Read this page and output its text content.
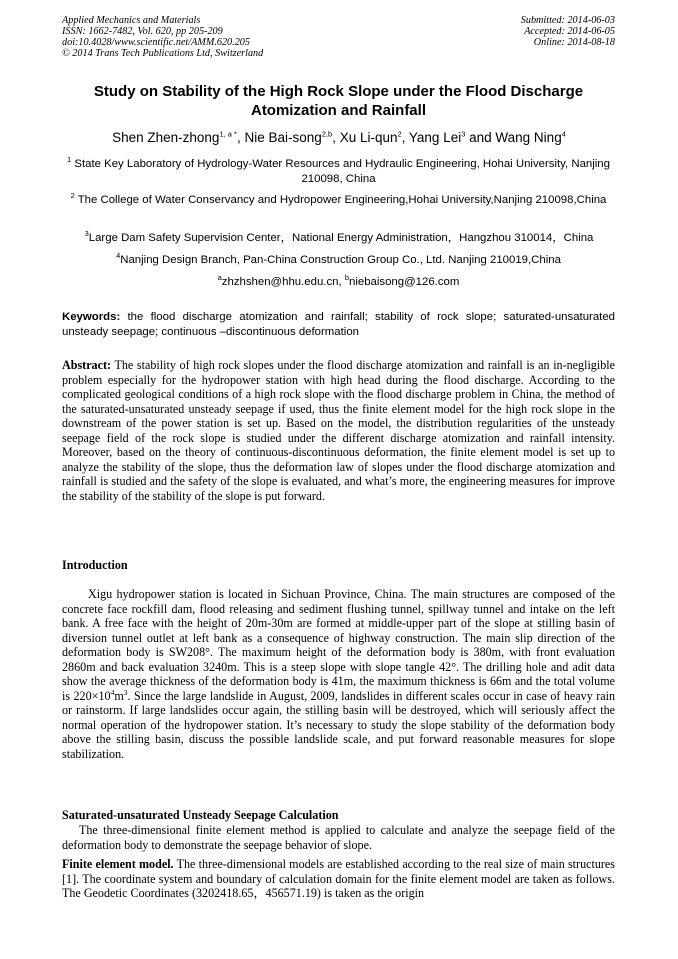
Applied Mechanics and Materials
ISSN: 1662-7482, Vol. 620, pp 205-209
doi:10.4028/www.scientific.net/AMM.620.205
© 2014 Trans Tech Publications Ltd, Switzerland
Submitted: 2014-06-03
Accepted: 2014-06-05
Online: 2014-08-18
Study on Stability of the High Rock Slope under the Flood Discharge Atomization and Rainfall
Shen Zhen-zhong$^{1, a *}$, Nie Bai-song$^{2,b}$, Xu Li-qun$^2$, Yang Lei$^3$ and Wang Ning$^4$
$^1$ State Key Laboratory of Hydrology-Water Resources and Hydraulic Engineering, Hohai University, Nanjing 210098, China
$^2$ The College of Water Conservancy and Hydropower Engineering,Hohai University,Nanjing 210098,China
$^3$Large Dam Safety Supervision Center，National Energy Administration，Hangzhou 310014，China
$^4$Nanjing Design Branch, Pan-China Construction Group Co., Ltd. Nanjing 210019,China
$^a$zhzhshen@hhu.edu.cn, $^b$niebaisong@126.com
Keywords: the flood discharge atomization and rainfall; stability of rock slope; saturated-unsaturated unsteady seepage; continuous –discontinuous deformation
Abstract: The stability of high rock slopes under the flood discharge atomization and rainfall is an in-negligible problem especially for the hydropower station with high head during the flood discharge. According to the complicated geological conditions of a high rock slope with the flood discharge problem in China, the method of the saturated-unsaturated unsteady seepage if used, thus the finite element model for the high rock slope in the downstream of the power station is set up. Based on the model, the distribution regularities of the unsteady seepage field of the rock slope is studied under the different discharge atomization and rainfall intensity. Moreover, based on the theory of continuous-discontinuous deformation, the finite element model is set up to analyze the stability of the slope, thus the deformation law of slopes under the flood discharge atomization and rainfall is studied and the safety of the slope is evaluated, and what’s more, the engineering measures for improve the stability of the stability of the slope is put forward.
Introduction
Xigu hydropower station is located in Sichuan Province, China. The main structures are composed of the concrete face rockfill dam, flood releasing and sediment flushing tunnel, spillway tunnel and intake on the left bank. A free face with the height of 20m-30m are formed at middle-upper part of the slope at stilling basin of diversion tunnel outlet at left bank as a consequence of highway construction. The main slip direction of the deformation body is SW208°. The maximum height of the deformation body is 380m, with front evaluation 2860m and back evaluation 3240m. This is a steep slope with slope tangle 42°. The drilling hole and adit data show the average thickness of the deformation body is 41m, the maximum thickness is 66m and the total volume is $220\times 10^4m^3$. Since the large landslide in August, 2009, landslides in different scales occur in case of heavy rain or rainstorm. If large landslides occur again, the stilling basin will be destroyed, which will seriously affect the normal operation of the hydropower station. It’s necessary to study the slope stability of the deformation body above the stilling basin, discuss the possible landslide scale, and put forward reasonable measures for slope stabilization.
Saturated-unsaturated Unsteady Seepage Calculation
The three-dimensional finite element method is applied to calculate and analyze the seepage field of the deformation body to demonstrate the seepage behavior of slope.
Finite element model. The three-dimensional models are established according to the real size of main structures [1]. The coordinate system and boundary of calculation domain for the finite element model are taken as follows. The Geodetic Coordinates (3202418.65，456571.19) is taken as the origin
